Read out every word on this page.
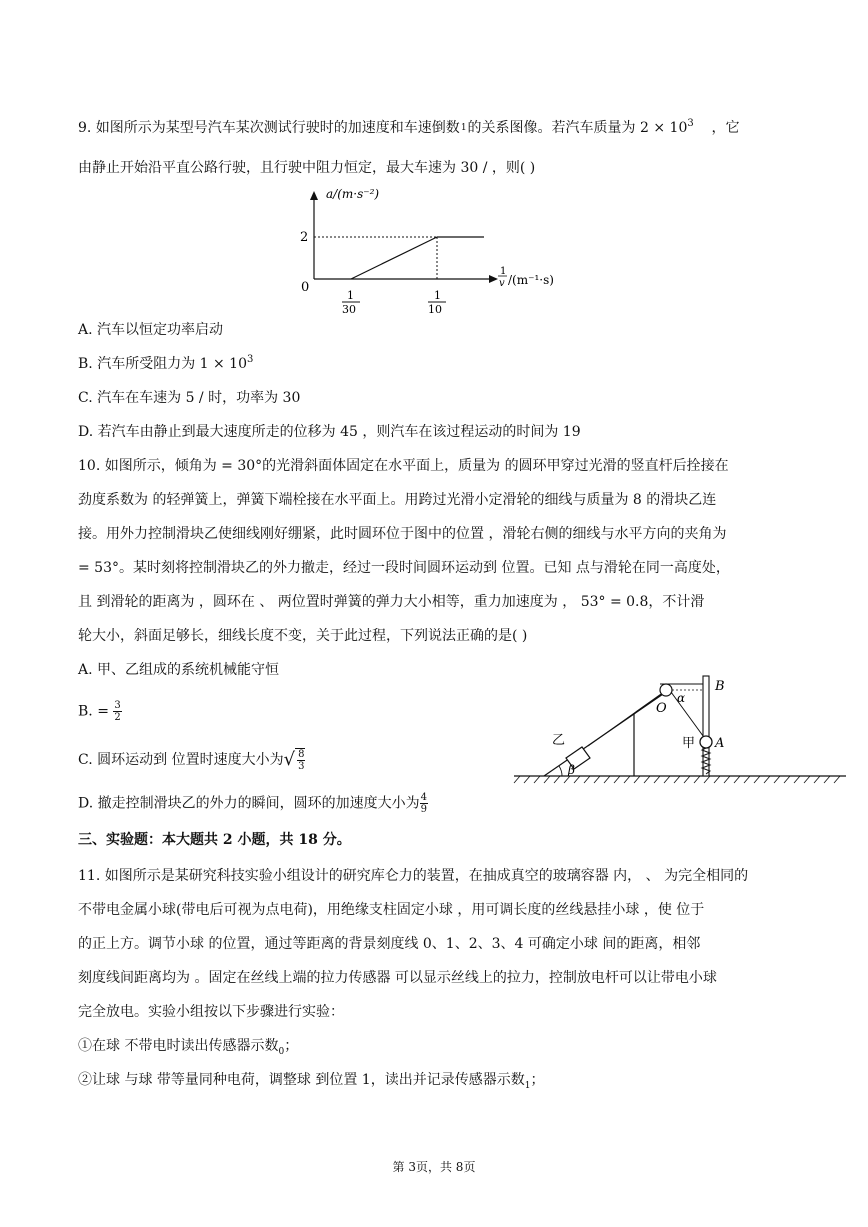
9. 如图所示为某型号汽车某次测试行驶时的加速度和车速倒数 1 的关系图像。若汽车质量为 $2 \times 10^3$ ，它
由静止开始沿平直公路行驶，且行驶中阻力恒定，最大车速为 30 / ，则( )
a/(m·s⁻²)
2
0
1
30
1
10
1
v /(m⁻¹·s)
A. 汽车以恒定功率启动
B. 汽车所受阻力为 $1 \times 10^3$
C. 汽车在车速为 5 / 时，功率为 30
D. 若汽车由静止到最大速度所走的位移为 45 ，则汽车在该过程运动的时间为 19
10. 如图所示，倾角为 = 30°的光滑斜面体固定在水平面上，质量为 的圆环甲穿过光滑的竖直杆后拴接在
劲度系数为 的轻弹簧上，弹簧下端栓接在水平面上。用跨过光滑小定滑轮的细线与质量为 8 的滑块乙连
接。用外力控制滑块乙使细线刚好绷紧，此时圆环位于图中的位置 ，滑轮右侧的细线与水平方向的夹角为
= 53°。某时刻将控制滑块乙的外力撤走，经过一段时间圆环运动到 位置。已知 点与滑轮在同一高度处，
且 到滑轮的距离为 ，圆环在 、 两位置时弹簧的弹力大小相等，重力加速度为 ， 53° = 0.8，不计滑
轮大小，斜面足够长，细线长度不变，关于此过程，下列说法正确的是( )
A. 甲、乙组成的系统机械能守恒
B. = $\frac{3}{2}$
C. 圆环运动到 位置时速度大小为√ $\frac{8}{3}$
D. 撤走控制滑块乙的外力的瞬间，圆环的加速度大小为 $\frac{4}{9}$
B
O
α
A
甲
乙
β
三、实验题：本大题共 2 小题，共 18 分。
11. 如图所示是某研究科技实验小组设计的研究库仑力的装置，在抽成真空的玻璃容器 内， 、 为完全相同的
不带电金属小球(带电后可视为点电荷)，用绝缘支柱固定小球 ，用可调长度的丝线悬挂小球 ，使 位于
的正上方。调节小球 的位置，通过等距离的背景刻度线 0、1、2、3、4 可确定小球 间的距离，相邻
刻度线间距离均为 。固定在丝线上端的拉力传感器 可以显示丝线上的拉力，控制放电杆可以让带电小球
完全放电。实验小组按以下步骤进行实验：
①在球 不带电时读出传感器示数$_0$；
②让球 与球 带等量同种电荷，调整球 到位置 1，读出并记录传感器示数$_1$；
第 3页，共 8页
